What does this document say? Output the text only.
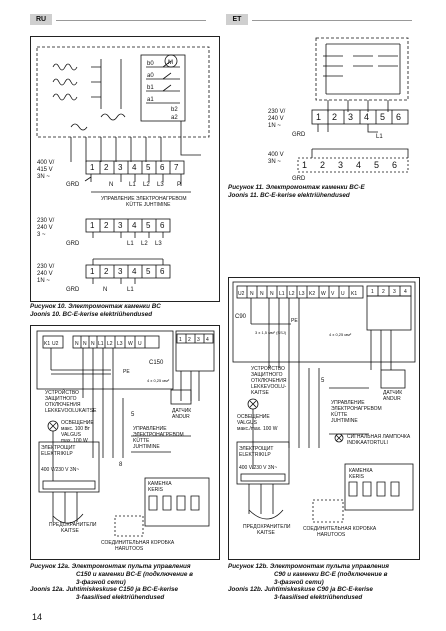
RU	ET
M
b0
a0
b1
a1
b2
a2
400 V/
415 V
3N ~
1 2 3 4 5 6 7
GRD	N	L1 L2 L3 P
УПРАВЛЕНИЕ ЭЛЕКТРОНАГРЕВОМ
KÜTTE JUHTIMINE
230 V/
240 V
3 ~
1 2 3 4 5 6
GRD	L1 L2 L3
230 V/
240 V
1N ~
1 2 3 4 5 6
GRD	N	L1
Рисунок 10. Электромонтаж каменки BC
Joonis 10. BC-E-kerise elektriühendused
230 V/
240 V
1N ~
1 2 3 4 5 6
GRD	L1
400 V
3N ~ 1 2 3 4 5 6
GRD
Рисунок 11. Электромонтаж каменки BC-E
Joonis 11. BC-E-kerise elektriühendused
K1 U2	N N N L1 L2 L3 W U
C150
1 2 3 4
PE
4 x 0,25 мм²
УСТРОЙСТВО
ЗАЩИТНОГО
ОТКЛЮЧЕНИЯ
LEKKEVOOLUKAITSE
ОСВЕЩЕНИЕ
макс. 100 Вт
VALGUS
max. 100 W
ДАТЧИК
ANDUR
УПРАВЛЕНИЕ
ЭЛЕКТРОНАГРЕВОМ
KÜTTE
JUHTIMINE
ЭЛЕКТРОЩИТ
ELEKTRIKILP
400 V/230 V 3N~
КАМЕНКА
KERIS
ПРЕДОХРАНИТЕЛИ
KAITSE
СОЕДИНИТЕЛЬНАЯ КОРОБКА
HARUTOOS
5
8
Рисунок 12a. Электромонтаж пульта управления
C150 и каменки BC-E (подключение в
3-фазной сети)
Joonis 12a. Juhtimiskeskuse C150 ja BC-E-kerise
3-faasilised elektriühendused
U2 N N N L1 L2 L3 K2 W V U K1
C90
1 2 3 4
PE
4 x 0,25 мм²
3 x 1,5 мм² (SSJ)
УСТРОЙСТВО
ЗАЩИТНОГО
ОТКЛЮЧЕНИЯ
LEKKEVOOLU-
KAITSE
ОСВЕЩЕНИЕ
VALGUS
макс./max. 100 W
ДАТЧИК
ANDUR
УПРАВЛЕНИЕ
ЭЛЕКТРОНАГРЕВОМ
KÜTTE
JUHTIMINE
СИГНАЛЬНАЯ ЛАМПОЧКА
INDIKAATORTULI
ЭЛЕКТРОЩИТ
ELEKTRIKILP
400 V/230 V 3N~	КАМЕНКА
KERIS
ПРЕДОХРАНИТЕЛИ
KAITSE
СОЕДИНИТЕЛЬНАЯ КОРОБКА
HARUTOOS
5
Рисунок 12b. Электромонтаж пульта управления
C90 и каменки BC-E (подключение в
3-фазной сети)
Joonis 12b. Juhtimiskeskuse C90 ja BC-E-kerise
3-faasilised elektriühendused
14
